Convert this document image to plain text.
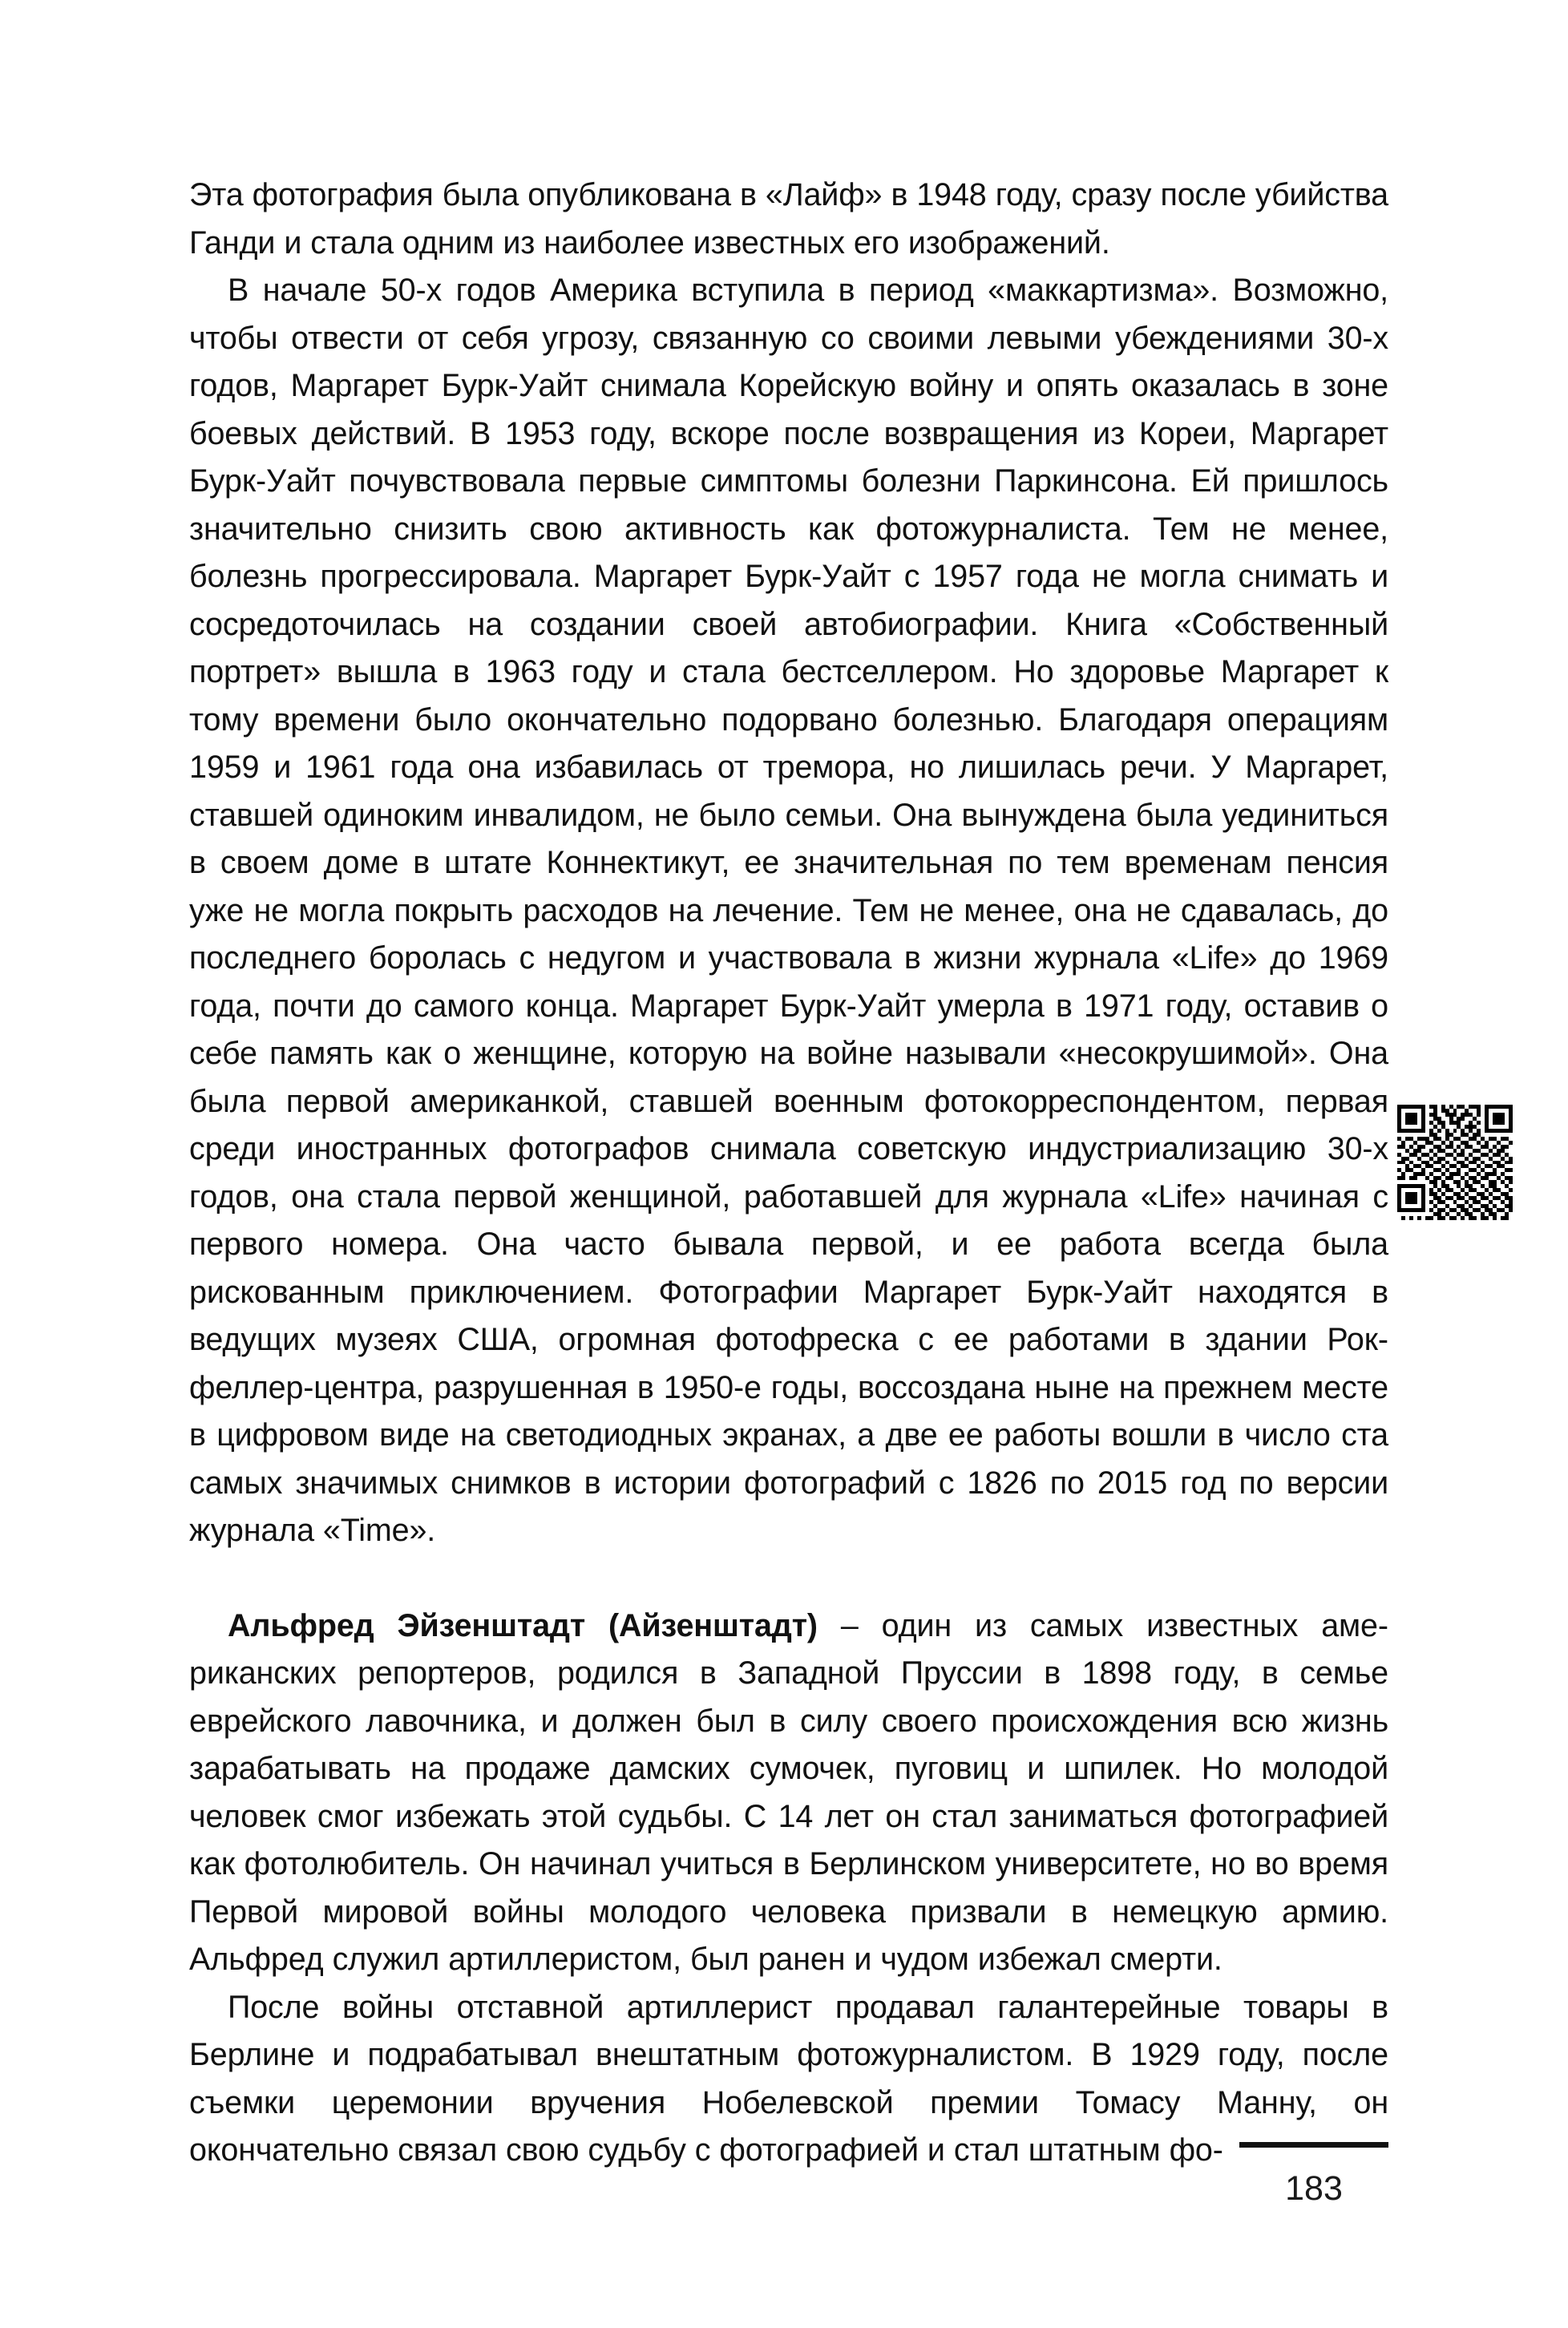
Эта фотография была опубликована в «Лайф» в 1948 году, сразу после убийства Ганди и стала одним из наиболее известных его изображений.

В начале 50-х годов Америка вступила в период «маккартизма». Возможно, чтобы отвести от себя угрозу, связанную со своими левыми убеждениями 30-х годов, Маргарет Бурк-Уайт снимала Корейскую войну и опять оказалась в зоне боевых действий. В 1953 году, вскоре после возвращения из Кореи, Маргарет Бурк-Уайт почувствовала первые симптомы болезни Паркинсона. Ей пришлось значительно снизить свою активность как фотожурналиста. Тем не менее, болезнь прогрессировала. Маргарет Бурк-Уайт с 1957 года не могла снимать и сосредоточилась на создании своей автобиографии. Книга «Собственный портрет» вышла в 1963 году и стала бестселлером. Но здоровье Маргарет к тому времени было окончательно подорвано болезнью. Благодаря операциям 1959 и 1961 года она избавилась от тремора, но лишилась речи. У Маргарет, ставшей одиноким инвалидом, не было семьи. Она вынуждена была уединиться в своем доме в штате Коннектикут, ее значительная по тем временам пенсия уже не могла покрыть расходов на лечение. Тем не менее, она не сдавалась, до последнего боролась с недугом и участвовала в жизни журнала «Life» до 1969 года, почти до самого конца. Маргарет Бурк-Уайт умерла в 1971 году, оставив о себе память как о женщине, которую на войне называли «несокрушимой». Она была первой американкой, ставшей военным фотокорреспондентом, первая среди иностранных фотографов снимала советскую индустриализацию 30-х годов, она стала первой женщиной, работавшей для журнала «Life» начиная с первого номера. Она часто бывала первой, и ее работа всегда была рискованным приключением. Фотографии Маргарет Бурк-Уайт находятся в ведущих музеях США, огромная фотофреска с ее работами в здании Рокфеллер-центра, разрушенная в 1950-е годы, воссоздана ныне на прежнем месте в цифровом виде на светодиодных экранах, а две ее работы вошли в число ста самых значимых снимков в истории фотографий с 1826 по 2015 год по версии журнала «Time».

Альфред Эйзенштадт (Айзенштадт) – один из самых известных американских репортеров, родился в Западной Пруссии в 1898 году, в семье еврейского лавочника, и должен был в силу своего происхождения всю жизнь зарабатывать на продаже дамских сумочек, пуговиц и шпилек. Но молодой человек смог избежать этой судьбы. С 14 лет он стал заниматься фотографией как фотолюбитель. Он начинал учиться в Берлинском университете, но во время Первой мировой войны молодого человека призвали в немецкую армию. Альфред служил артиллеристом, был ранен и чудом избежал смерти.

После войны отставной артиллерист продавал галантерейные товары в Берлине и подрабатывал внештатным фотожурналистом. В 1929 году, после съемки церемонии вручения Нобелевской премии Томасу Манну, он окончательно связал свою судьбу с фотографией и стал штатным фо-

183
